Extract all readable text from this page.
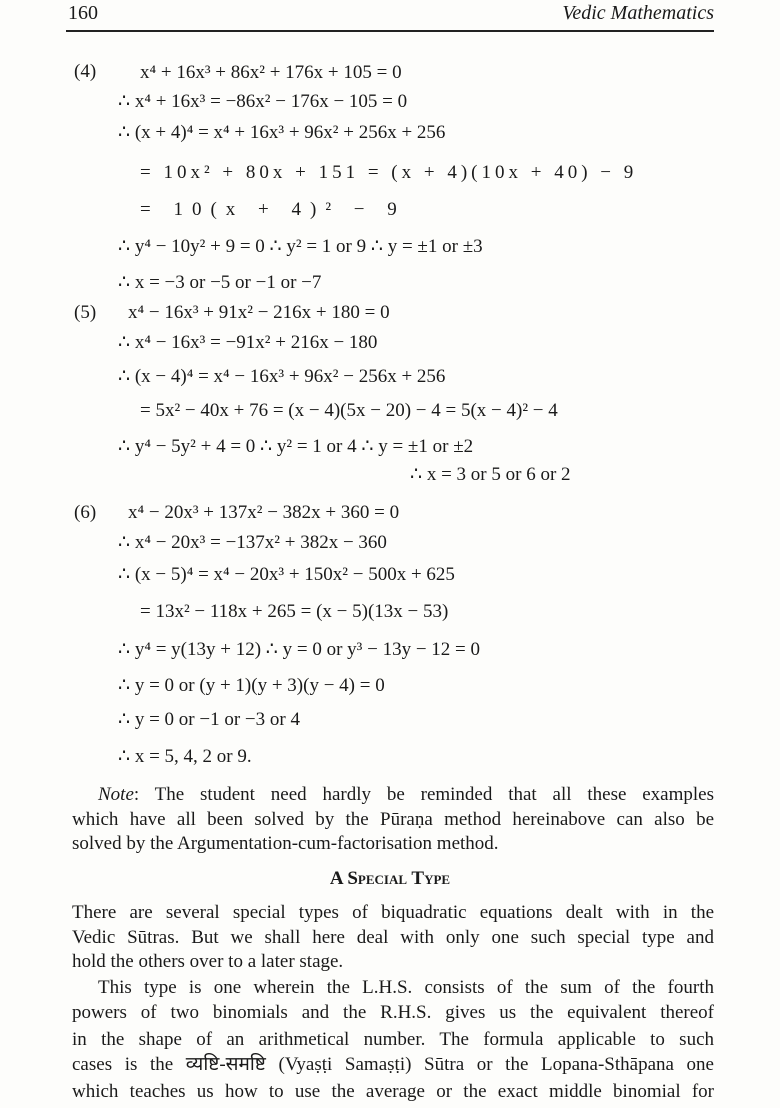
160	Vedic Mathematics
(4) x⁴ + 16x³ + 86x² + 176x + 105 = 0
∴ x⁴ + 16x³ = −86x² − 176x − 105 = 0
∴ (x + 4)⁴ = x⁴ + 16x³ + 96x² + 256x + 256
= 10x² + 80x + 151 = (x + 4)(10x + 40) − 9
= 10(x + 4)² − 9
∴ y⁴ − 10y² + 9 = 0 ∴ y² = 1 or 9 ∴ y = ±1 or ±3
∴ x = −3 or −5 or −1 or −7
(5) x⁴ − 16x³ + 91x² − 216x + 180 = 0
∴ x⁴ − 16x³ = −91x² + 216x − 180
∴ (x − 4)⁴ = x⁴ − 16x³ + 96x² − 256x + 256
= 5x² − 40x + 76 = (x − 4)(5x − 20) − 4 = 5(x − 4)² − 4
∴ y⁴ − 5y² + 4 = 0 ∴ y² = 1 or 4 ∴ y = ±1 or ±2
∴ x = 3 or 5 or 6 or 2
(6) x⁴ − 20x³ + 137x² − 382x + 360 = 0
∴ x⁴ − 20x³ = −137x² + 382x − 360
∴ (x − 5)⁴ = x⁴ − 20x³ + 150x² − 500x + 625
= 13x² − 118x + 265 = (x − 5)(13x − 53)
∴ y⁴ = y(13y + 12) ∴ y = 0 or y³ − 13y − 12 = 0
∴ y = 0 or (y + 1)(y + 3)(y − 4) = 0
∴ y = 0 or −1 or −3 or 4
∴ x = 5, 4, 2 or 9.
Note: The student need hardly be reminded that all these examples
which have all been solved by the Pūraṇa method hereinabove can also be
solved by the Argumentation-cum-factorisation method.
A Special Type
There are several special types of biquadratic equations dealt with in the
Vedic Sūtras. But we shall here deal with only one such special type and
hold the others over to a later stage.
This type is one wherein the L.H.S. consists of the sum of the fourth
powers of two binomials and the R.H.S. gives us the equivalent thereof
in the shape of an arithmetical number. The formula applicable to such
cases is the व्यष्टि-समष्टि (Vyaṣṭi Samaṣṭi) Sūtra or the Lopana-Sthāpana one
which teaches us how to use the average or the exact middle binomial for
